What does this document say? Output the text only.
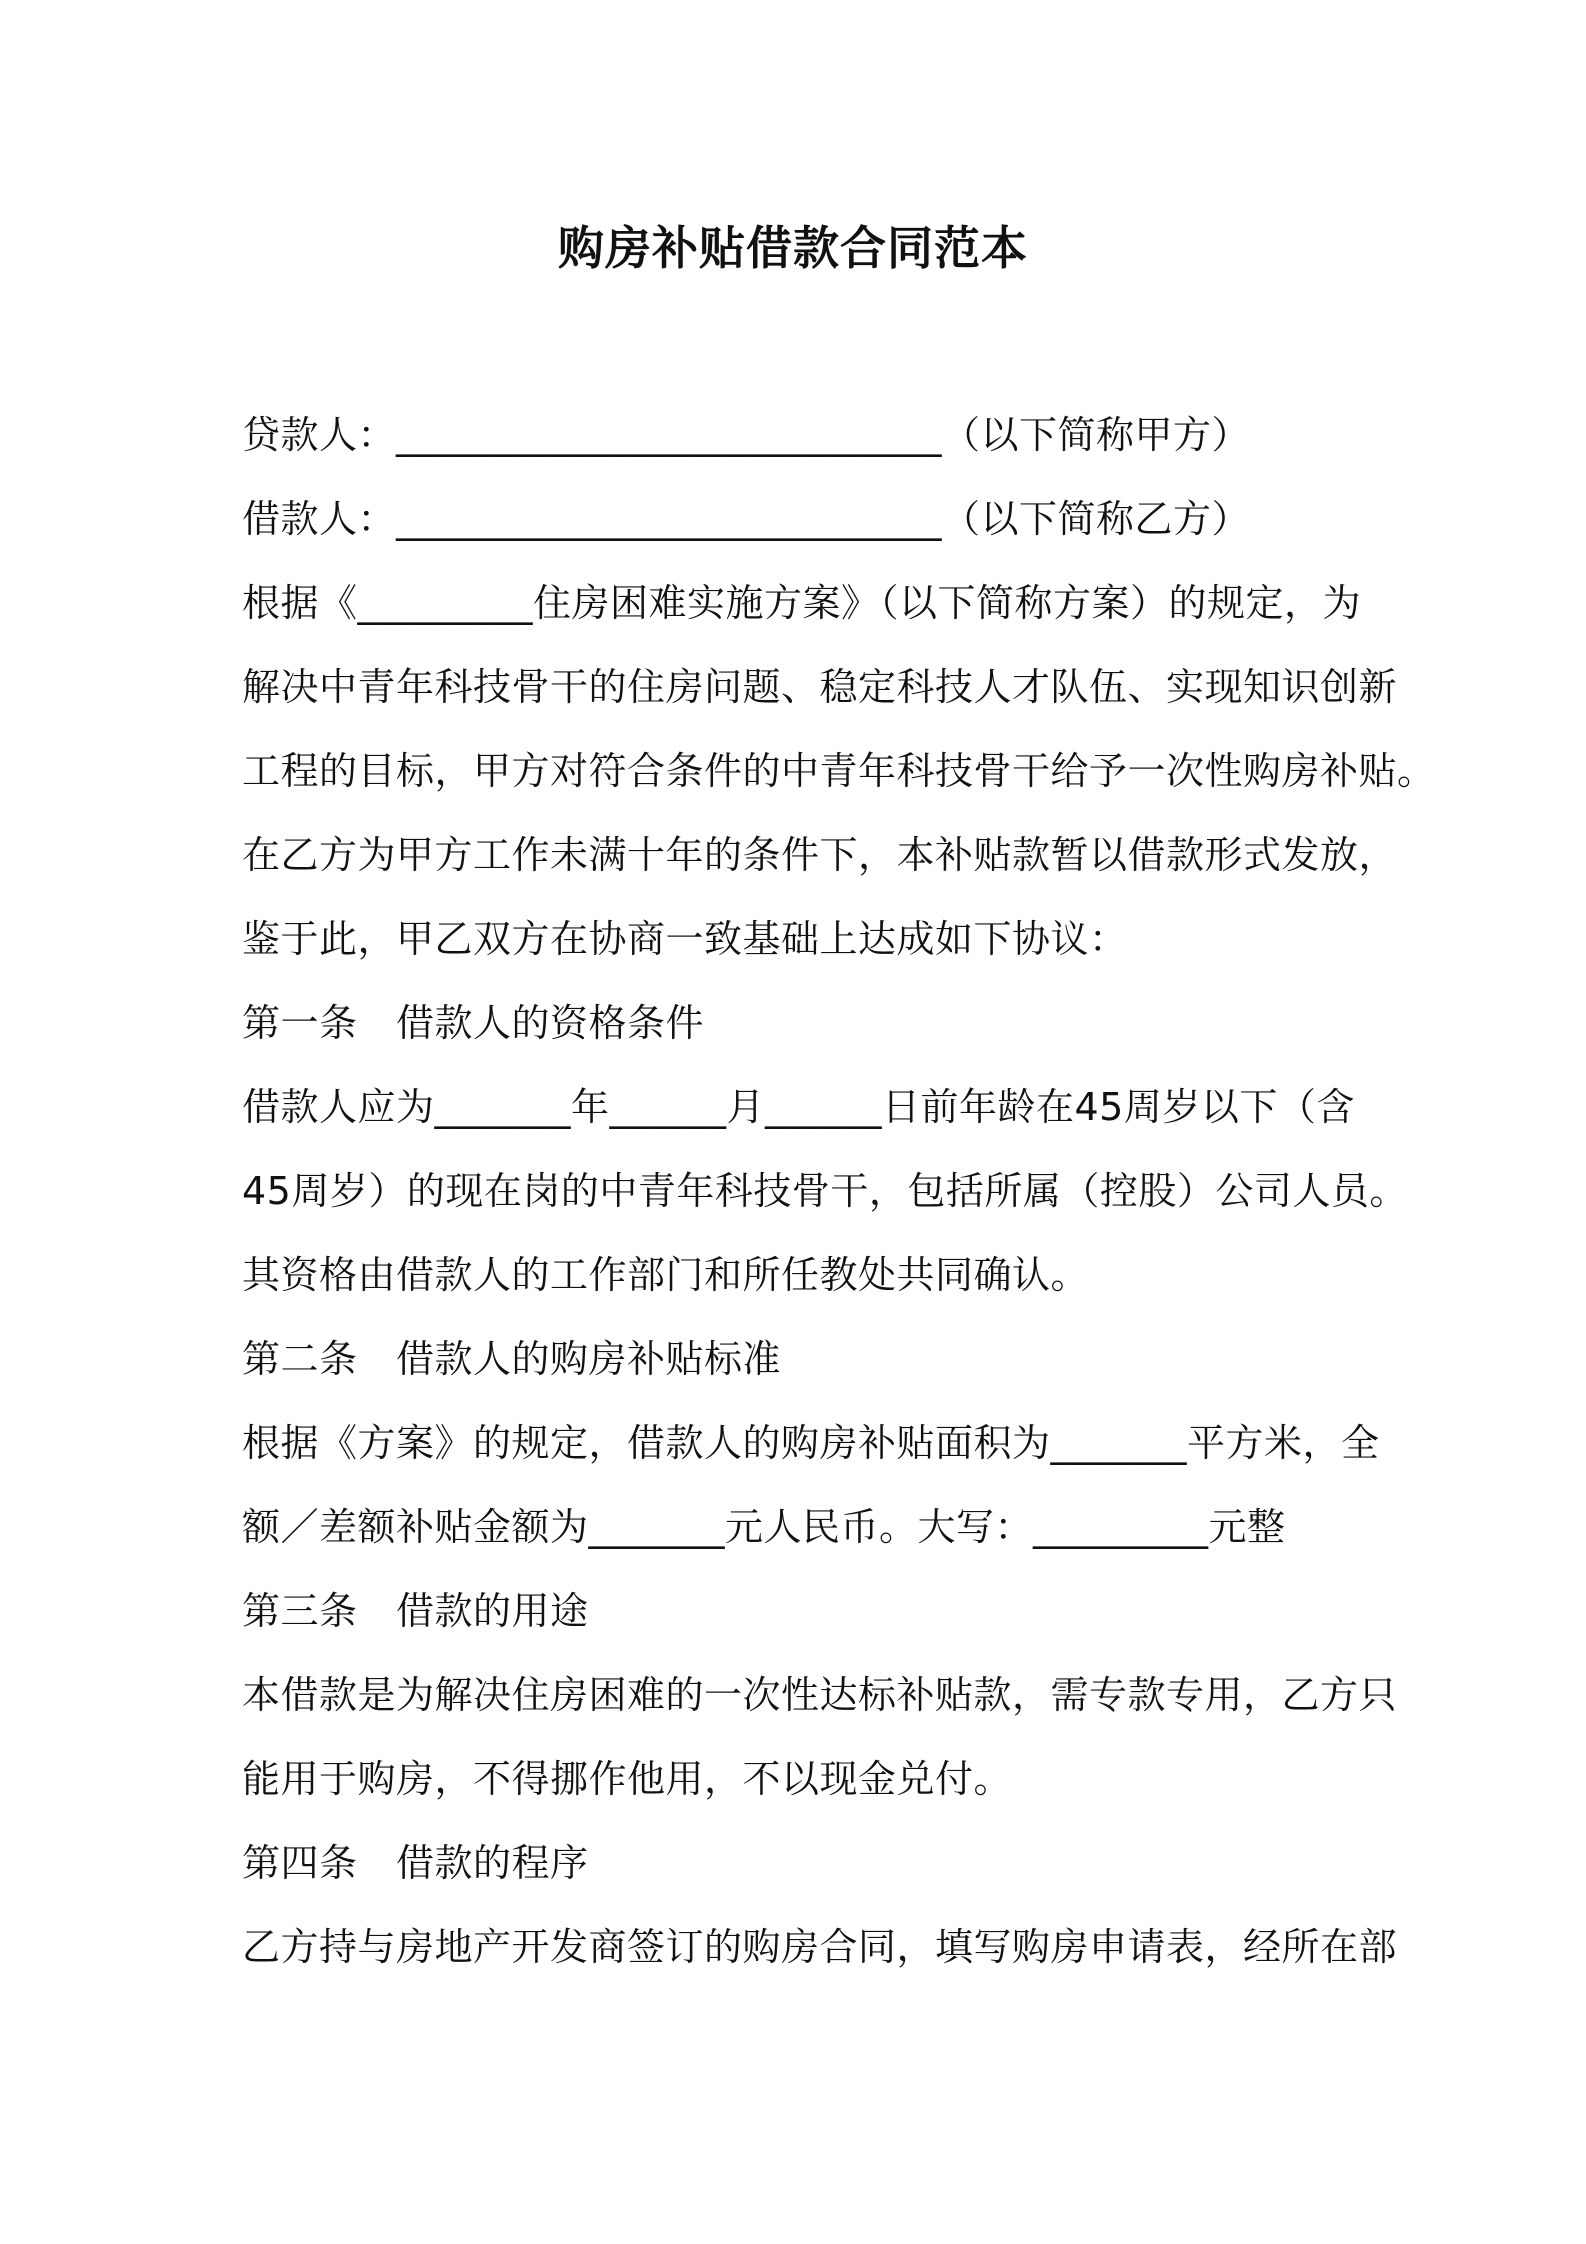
购房补贴借款合同范本
贷款人：____________________________（以下简称甲方）
借款人：____________________________（以下简称乙方）
根据《_________住房困难实施方案》（以下简称方案）的规定，为
解决中青年科技骨干的住房问题、稳定科技人才队伍、实现知识创新
工程的目标，甲方对符合条件的中青年科技骨干给予一次性购房补贴。
在乙方为甲方工作未满十年的条件下，本补贴款暂以借款形式发放，
鉴于此，甲乙双方在协商一致基础上达成如下协议：
第一条　借款人的资格条件
借款人应为_______年______月______日前年龄在45周岁以下（含
45周岁）的现在岗的中青年科技骨干，包括所属（控股）公司人员。
其资格由借款人的工作部门和所任教处共同确认。
第二条　借款人的购房补贴标准
根据《方案》的规定，借款人的购房补贴面积为_______平方米，全
额／差额补贴金额为_______元人民币。大写：_________元整
第三条　借款的用途
本借款是为解决住房困难的一次性达标补贴款，需专款专用，乙方只
能用于购房，不得挪作他用，不以现金兑付。
第四条　借款的程序
乙方持与房地产开发商签订的购房合同，填写购房申请表，经所在部
